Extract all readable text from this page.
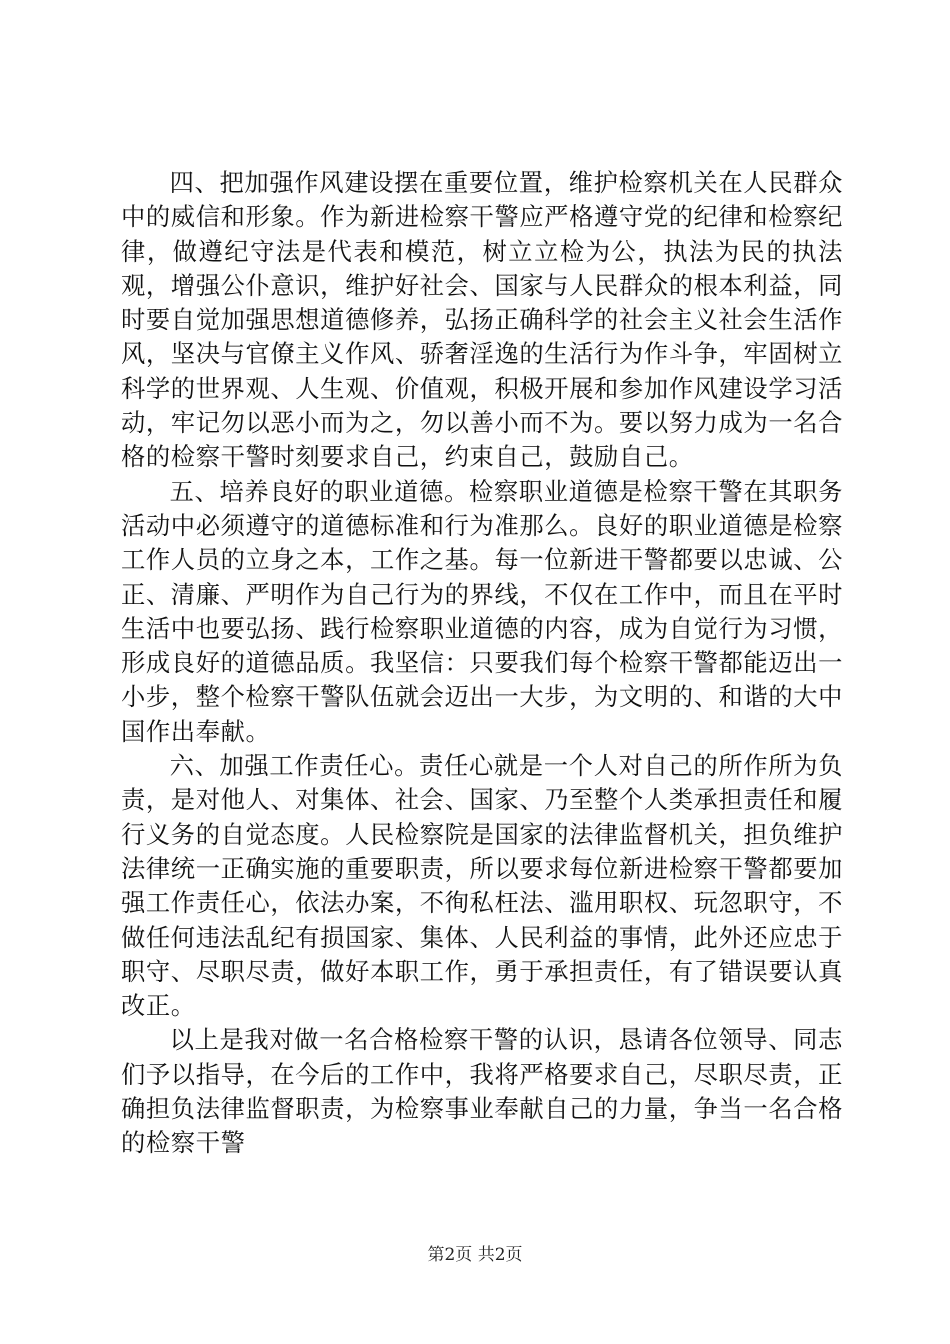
四、把加强作风建设摆在重要位置，维护检察机关在人民群众中的威信和形象。作为新进检察干警应严格遵守党的纪律和检察纪律，做遵纪守法是代表和模范，树立立检为公，执法为民的执法观，增强公仆意识，维护好社会、国家与人民群众的根本利益，同时要自觉加强思想道德修养，弘扬正确科学的社会主义社会生活作风，坚决与官僚主义作风、骄奢淫逸的生活行为作斗争，牢固树立科学的世界观、人生观、价值观，积极开展和参加作风建设学习活动，牢记勿以恶小而为之，勿以善小而不为。要以努力成为一名合格的检察干警时刻要求自己，约束自己，鼓励自己。

五、培养良好的职业道德。检察职业道德是检察干警在其职务活动中必须遵守的道德标准和行为准那么。良好的职业道德是检察工作人员的立身之本，工作之基。每一位新进干警都要以忠诚、公正、清廉、严明作为自己行为的界线，不仅在工作中，而且在平时生活中也要弘扬、践行检察职业道德的内容，成为自觉行为习惯，形成良好的道德品质。我坚信：只要我们每个检察干警都能迈出一小步，整个检察干警队伍就会迈出一大步，为文明的、和谐的大中国作出奉献。

六、加强工作责任心。责任心就是一个人对自己的所作所为负责，是对他人、对集体、社会、国家、乃至整个人类承担责任和履行义务的自觉态度。人民检察院是国家的法律监督机关，担负维护法律统一正确实施的重要职责，所以要求每位新进检察干警都要加强工作责任心，依法办案，不徇私枉法、滥用职权、玩忽职守，不做任何违法乱纪有损国家、集体、人民利益的事情，此外还应忠于职守、尽职尽责，做好本职工作，勇于承担责任，有了错误要认真改正。

以上是我对做一名合格检察干警的认识，恳请各位领导、同志们予以指导，在今后的工作中，我将严格要求自己，尽职尽责，正确担负法律监督职责，为检察事业奉献自己的力量，争当一名合格的检察干警

第2页 共2页
